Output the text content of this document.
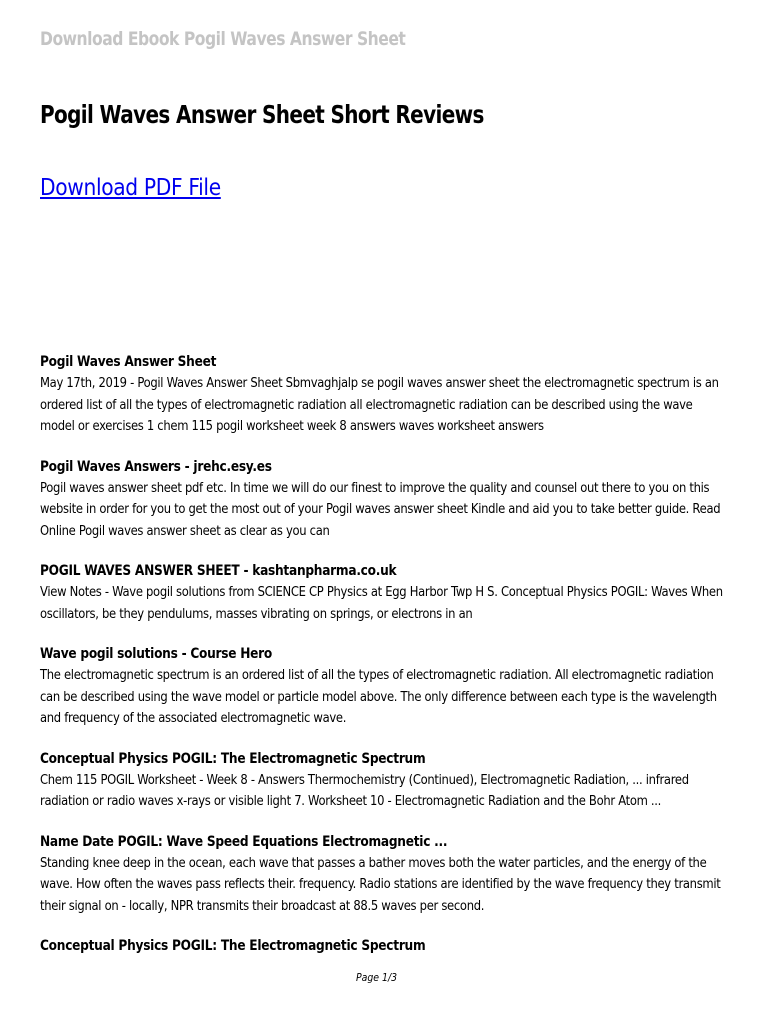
Download Ebook Pogil Waves Answer Sheet
Pogil Waves Answer Sheet Short Reviews
Download PDF File

Pogil Waves Answer Sheet

May 17th, 2019 - Pogil Waves Answer Sheet Sbmvaghjalp se pogil waves answer sheet the electromagnetic spectrum is an ordered list of all the types of electromagnetic radiation all electromagnetic radiation can be described using the wave model or exercises 1 chem 115 pogil worksheet week 8 answers waves worksheet answers

Pogil Waves Answers - jrehc.esy.es

Pogil waves answer sheet pdf etc. In time we will do our finest to improve the quality and counsel out there to you on this website in order for you to get the most out of your Pogil waves answer sheet Kindle and aid you to take better guide. Read Online Pogil waves answer sheet as clear as you can

POGIL WAVES ANSWER SHEET - kashtanpharma.co.uk

View Notes - Wave pogil solutions from SCIENCE CP Physics at Egg Harbor Twp H S. Conceptual Physics POGIL: Waves When oscillators, be they pendulums, masses vibrating on springs, or electrons in an

Wave pogil solutions - Course Hero

The electromagnetic spectrum is an ordered list of all the types of electromagnetic radiation. All electromagnetic radiation can be described using the wave model or particle model above. The only difference between each type is the wavelength and frequency of the associated electromagnetic wave.

Conceptual Physics POGIL: The Electromagnetic Spectrum

Chem 115 POGIL Worksheet - Week 8 - Answers Thermochemistry (Continued), Electromagnetic Radiation, ... infrared radiation or radio waves x-rays or visible light 7. Worksheet 10 - Electromagnetic Radiation and the Bohr Atom ...

Name Date POGIL: Wave Speed Equations Electromagnetic ...

Standing knee deep in the ocean, each wave that passes a bather moves both the water particles, and the energy of the wave. How often the waves pass reflects their. frequency. Radio stations are identified by the wave frequency they transmit their signal on - locally, NPR transmits their broadcast at 88.5 waves per second.

Conceptual Physics POGIL: The Electromagnetic Spectrum

Page 1/3
